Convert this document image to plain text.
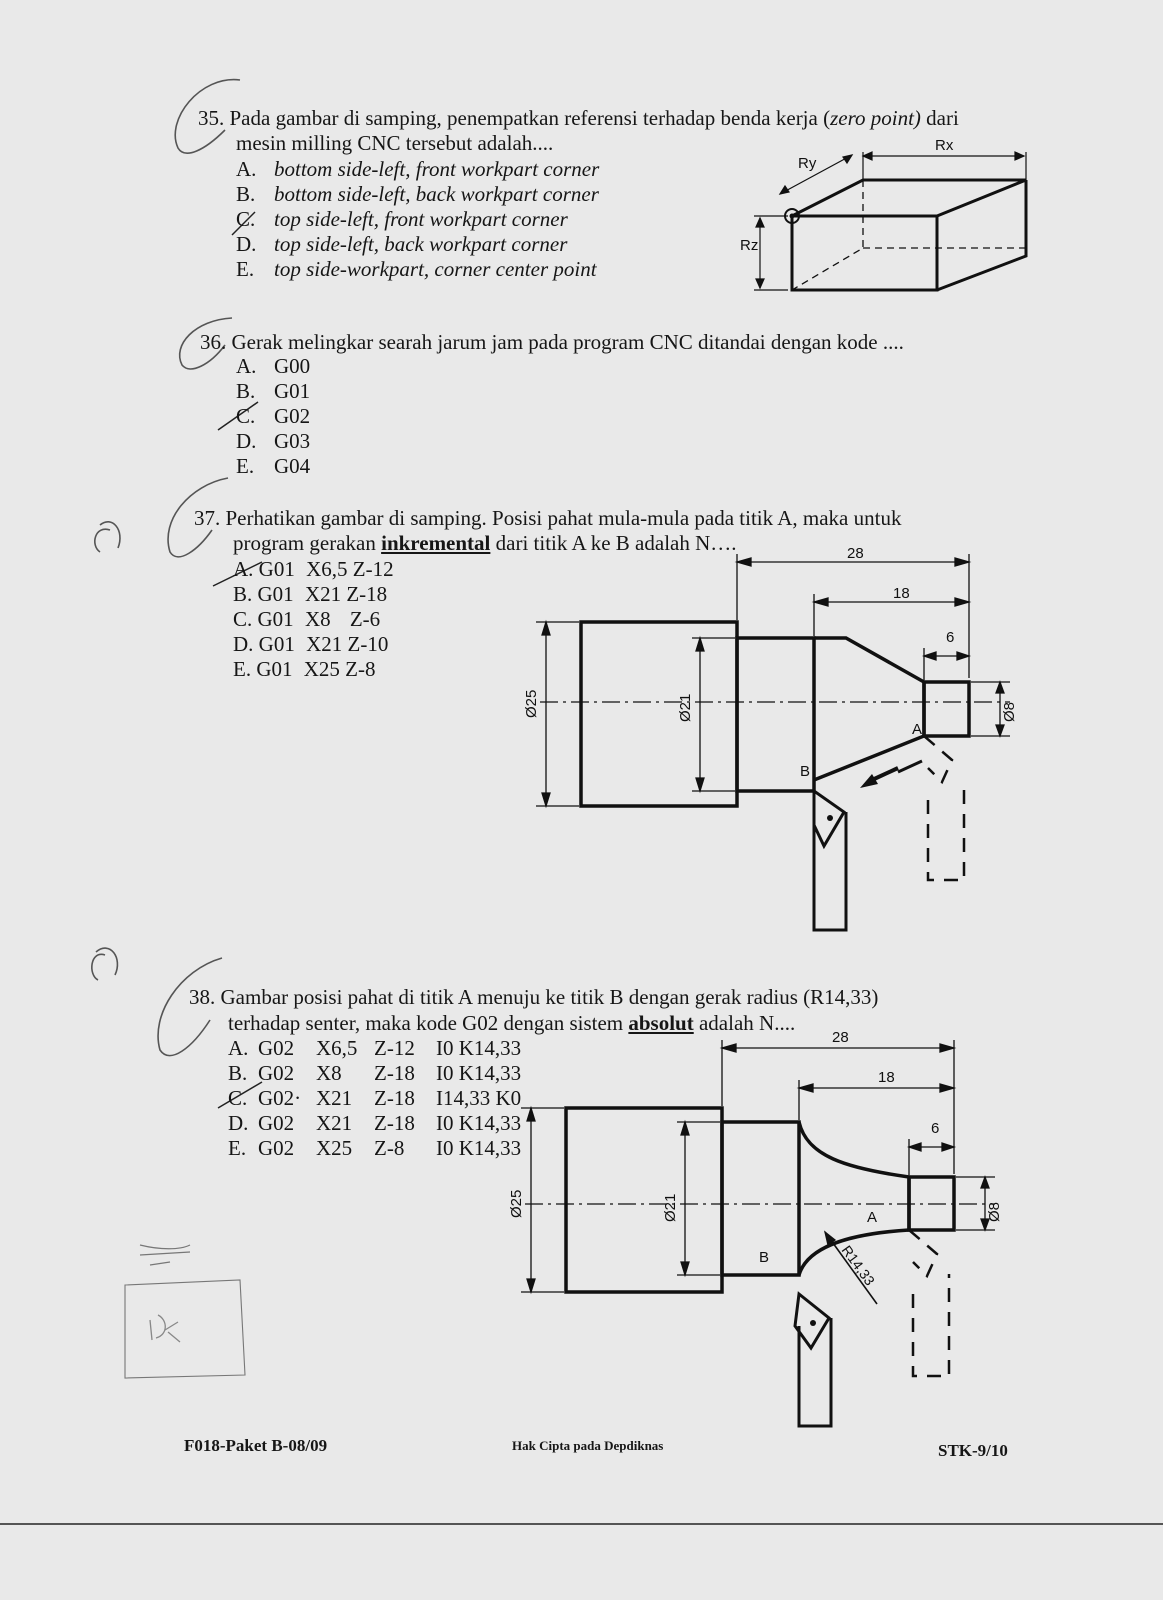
35. Pada gambar di samping, penempatkan referensi terhadap benda kerja (zero point) dari
mesin milling CNC tersebut adalah....
A. bottom side-left, front workpart corner
B. bottom side-left, back workpart corner
C. top side-left, front workpart corner
D. top side-left, back workpart corner
E. top side-workpart, corner center point
Rx
Ry
Rz
36. Gerak melingkar searah jarum jam pada program CNC ditandai dengan kode ....
A. G00
B. G01
C. G02
D. G03
E. G04
37. Perhatikan gambar di samping. Posisi pahat mula-mula pada titik A, maka untuk
program gerakan inkremental dari titik A ke B adalah N….
A. G01 X6,5 Z-12
B. G01 X21 Z-18
C. G01 X8 Z-6
D. G01 X21 Z-10
E. G01 X25 Z-8
28
18
6
Ø25	Ø21	Ø8
A
B
38. Gambar posisi pahat di titik A menuju ke titik B dengan gerak radius (R14,33)
terhadap senter, maka kode G02 dengan sistem absolut adalah N....
A. G02 X6,5 Z-12 I0 K14,33
B. G02 X8 Z-18 I0 K14,33
C. G02· X21 Z-18 I14,33 K0
D. G02 X21 Z-18 I0 K14,33
E. G02 X25 Z-8 I0 K14,33
28
18
6
Ø25	Ø21	Ø8
A
B	R14,33
F018-Paket B-08/09	Hak Cipta pada Depdiknas	STK-9/10
